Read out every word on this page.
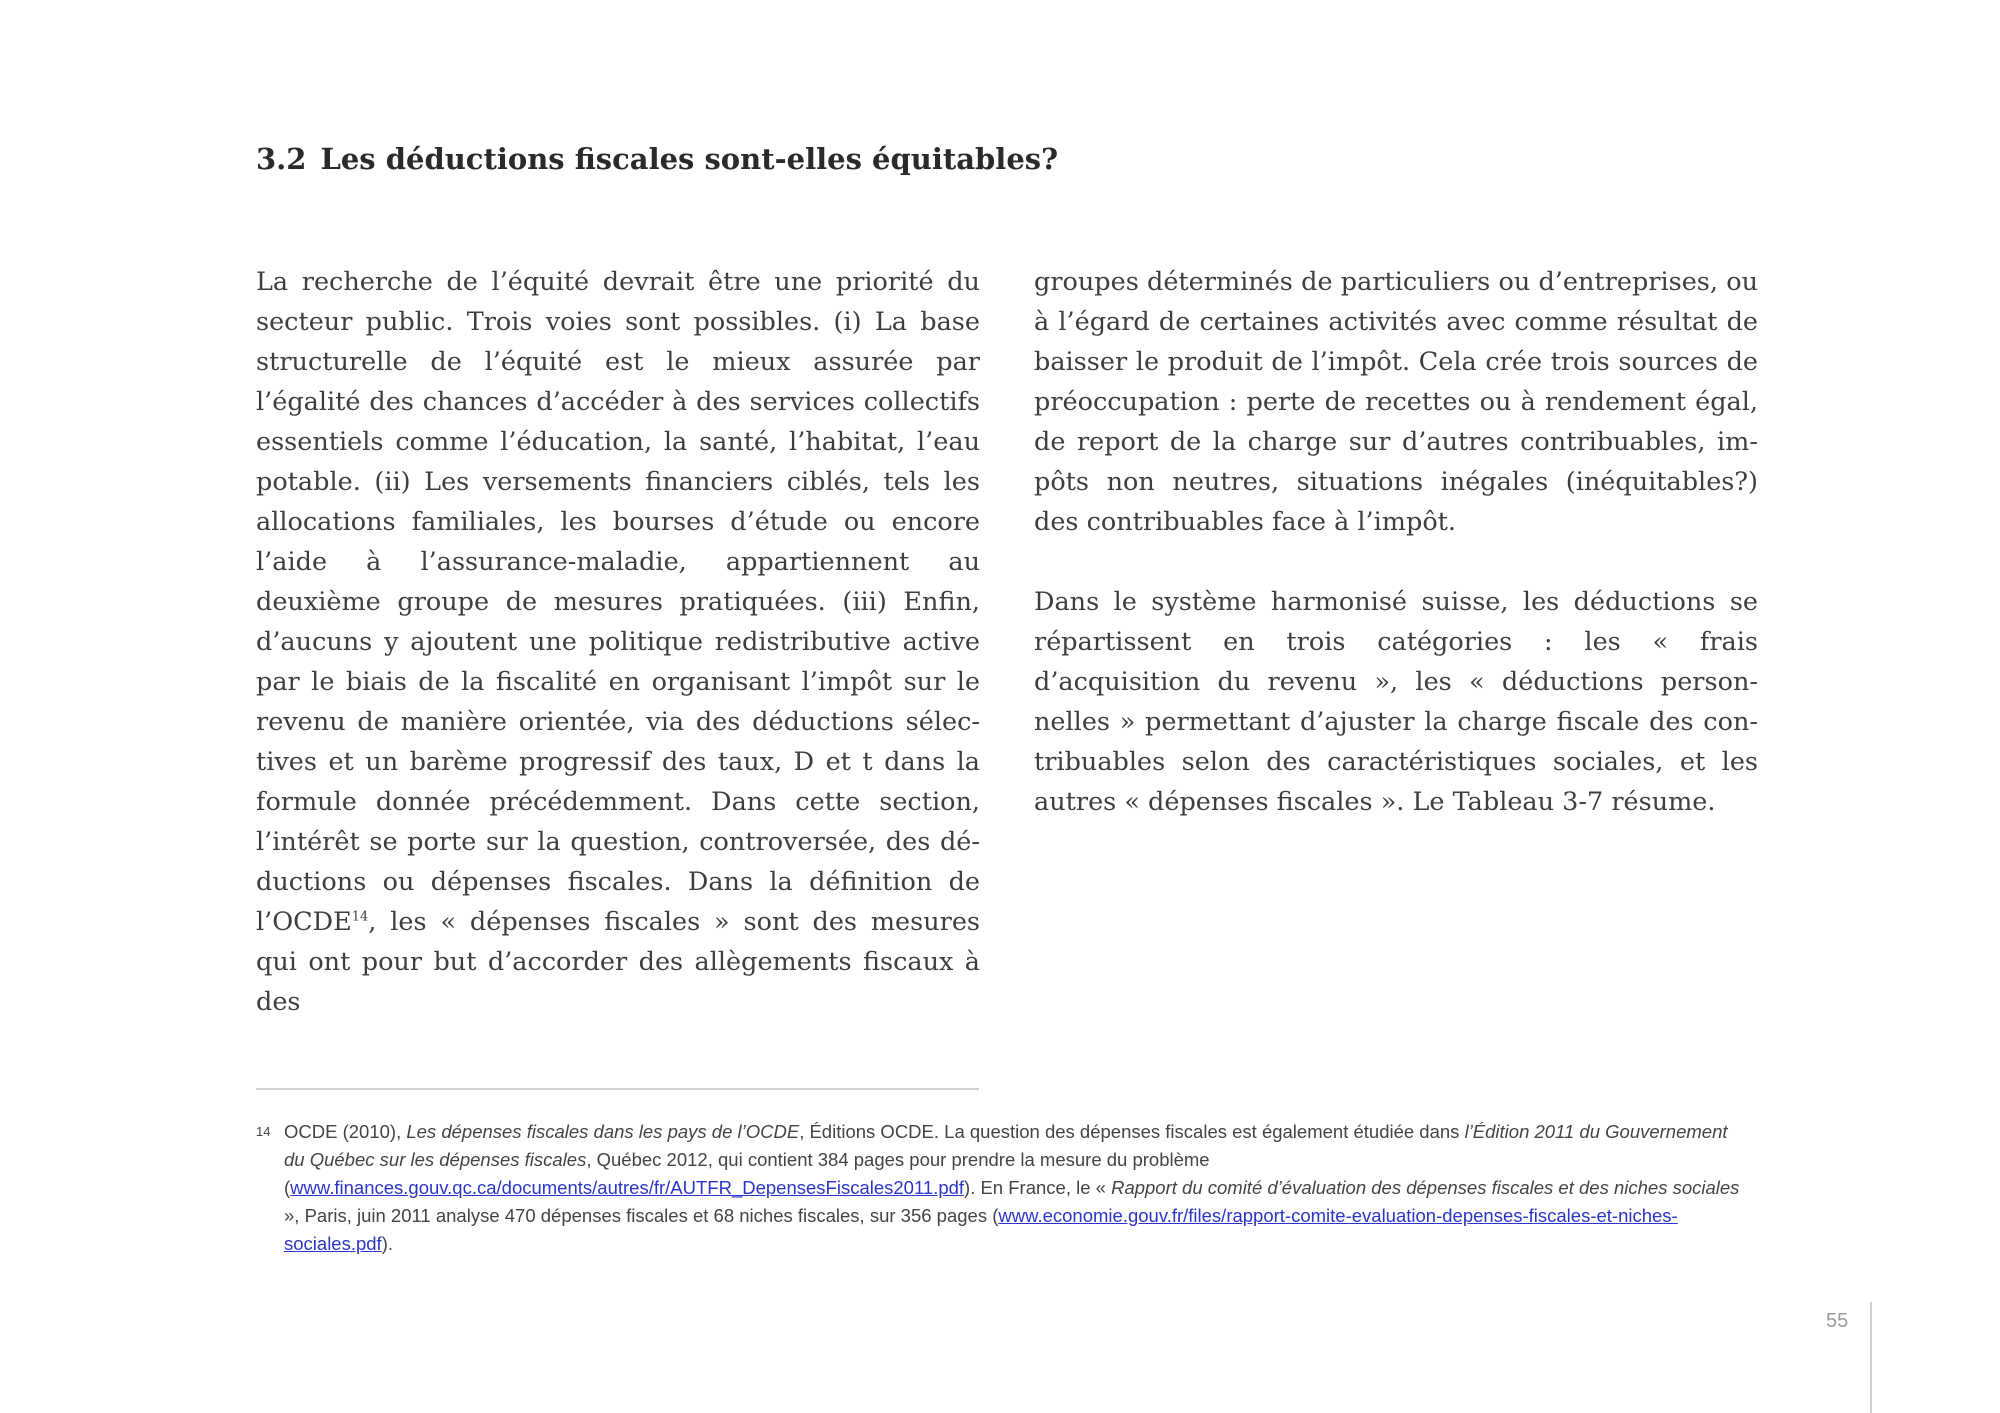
3.2 Les déductions fiscales sont-elles équitables?

La recherche de l’équité devrait être une priorité du secteur public. Trois voies sont possibles. (i) La base structurelle de l’équité est le mieux assurée par l’égalité des chances d’accéder à des services collectifs essentiels comme l’éducation, la santé, l’habitat, l’eau potable. (ii) Les versements financiers ciblés, tels les allocations familiales, les bourses d’étude ou encore l’aide à l’assurance-maladie, appartiennent au deuxième groupe de mesures pratiquées. (iii) Enfin, d’aucuns y ajoutent une politique redistributive active par le biais de la fiscalité en organisant l’impôt sur le revenu de manière orientée, via des déductions sélectives et un barème progressif des taux, D et t dans la formule donnée précédemment. Dans cette section, l’intérêt se porte sur la question, controversée, des déductions ou dépenses fiscales. Dans la définition de l’OCDE$^{14}$, les « dépenses fiscales » sont des mesures qui ont pour but d’accorder des allègements fiscaux à des

groupes déterminés de particuliers ou d’entreprises, ou à l’égard de certaines activités avec comme résultat de baisser le produit de l’impôt. Cela crée trois sources de préoccupation : perte de recettes ou à rendement égal, de report de la charge sur d’autres contribuables, impôts non neutres, situations inégales (inéquitables?) des contribuables face à l’impôt.

Dans le système harmonisé suisse, les déductions se répartissent en trois catégories : les « frais d’acquisition du revenu », les « déductions personnelles » permettant d’ajuster la charge fiscale des contribuables selon des caractéristiques sociales, et les autres « dépenses fiscales ». Le Tableau 3-7 résume.

14 OCDE (2010), Les dépenses fiscales dans les pays de l’OCDE, Éditions OCDE. La question des dépenses fiscales est également étudiée dans l’Édition 2011 du Gouvernement du Québec sur les dépenses fiscales, Québec 2012, qui contient 384 pages pour prendre la mesure du problème (www.finances.gouv.qc.ca/documents/autres/fr/AUTFR_DepensesFiscales2011.pdf). En France, le « Rapport du comité d’évaluation des dépenses fiscales et des niches sociales », Paris, juin 2011 analyse 470 dépenses fiscales et 68 niches fiscales, sur 356 pages (www.economie.gouv.fr/files/rapport-comite-evaluation-depenses-fiscales-et-niches-sociales.pdf).
55
